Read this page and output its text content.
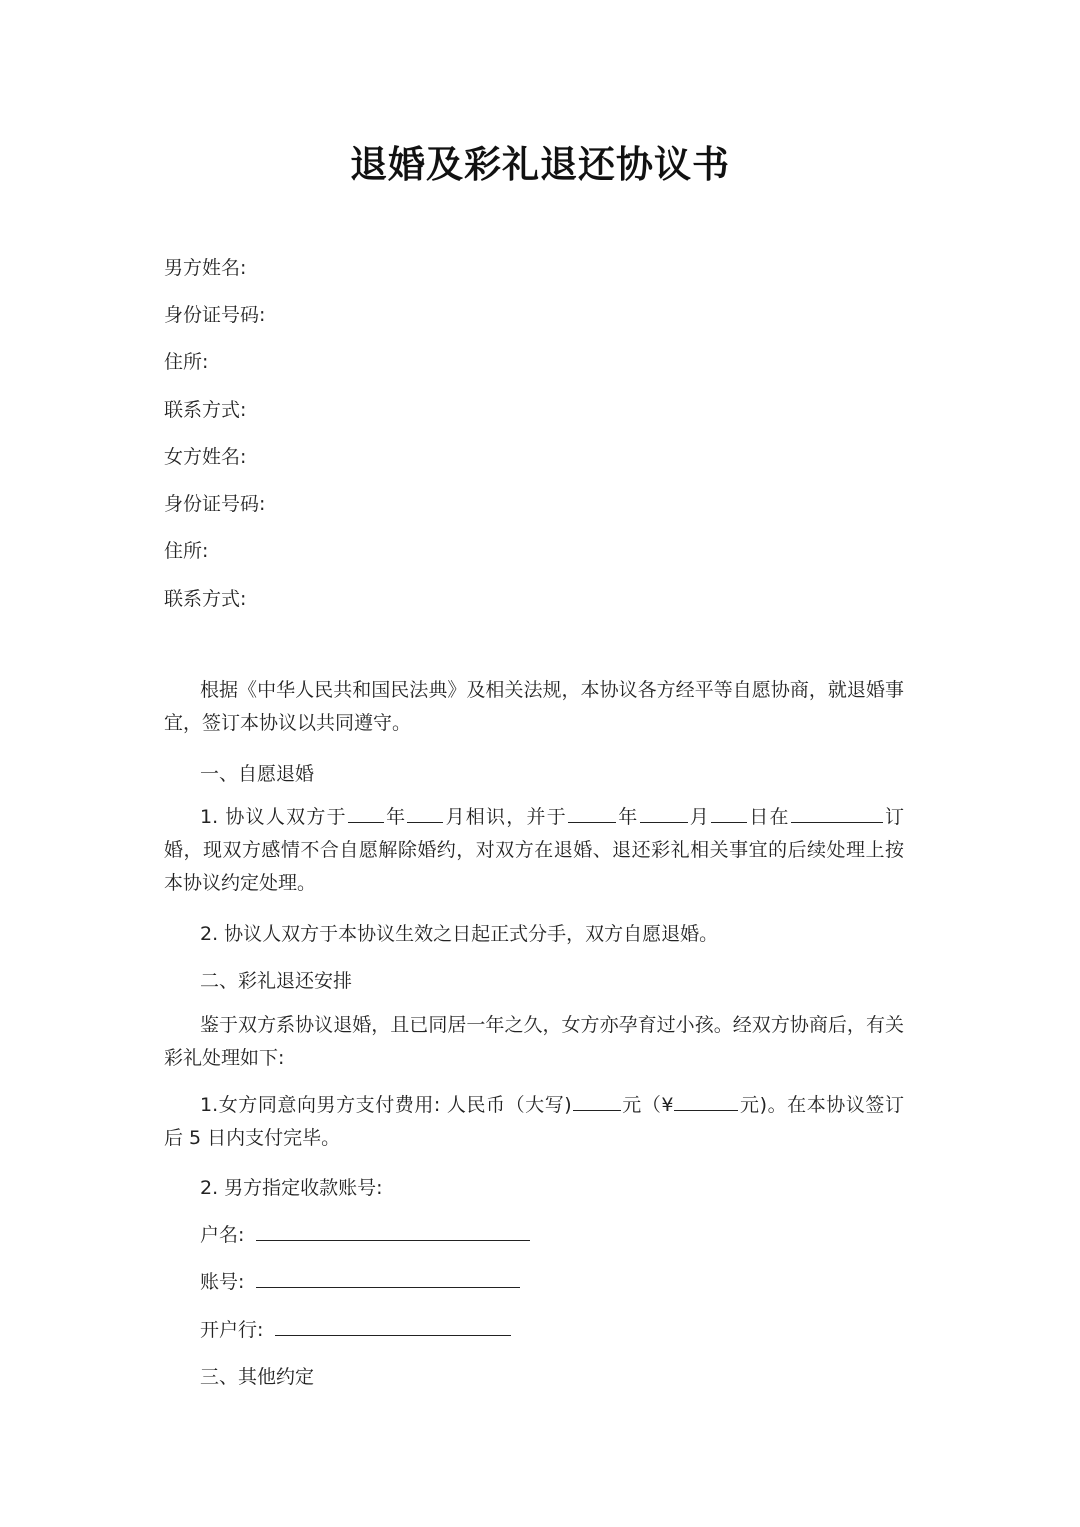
退婚及彩礼退还协议书
男方姓名:
身份证号码:
住所:
联系方式:
女方姓名:
身份证号码:
住所:
联系方式:
根据《中华人民共和国民法典》及相关法规，本协议各方经平等自愿协商，就退婚事宜，签订本协议以共同遵守。
一、自愿退婚
1. 协议人双方于 年 月相识，并于	年	月 日在	订婚，现双方感情不合自愿解除婚约，对双方在退婚、退还彩礼相关事宜的后续处理上按本协议约定处理。
2. 协议人双方于本协议生效之日起正式分手，双方自愿退婚。
二、彩礼退还安排
鉴于双方系协议退婚，且已同居一年之久，女方亦孕育过小孩。经双方协商后，有关彩礼处理如下:
1.女方同意向男方支付费用: 人民币（大写)	元（¥	元)。在本协议签订后 5 日内支付完毕。
2. 男方指定收款账号:
户名:
账号:
开户行:
三、其他约定
